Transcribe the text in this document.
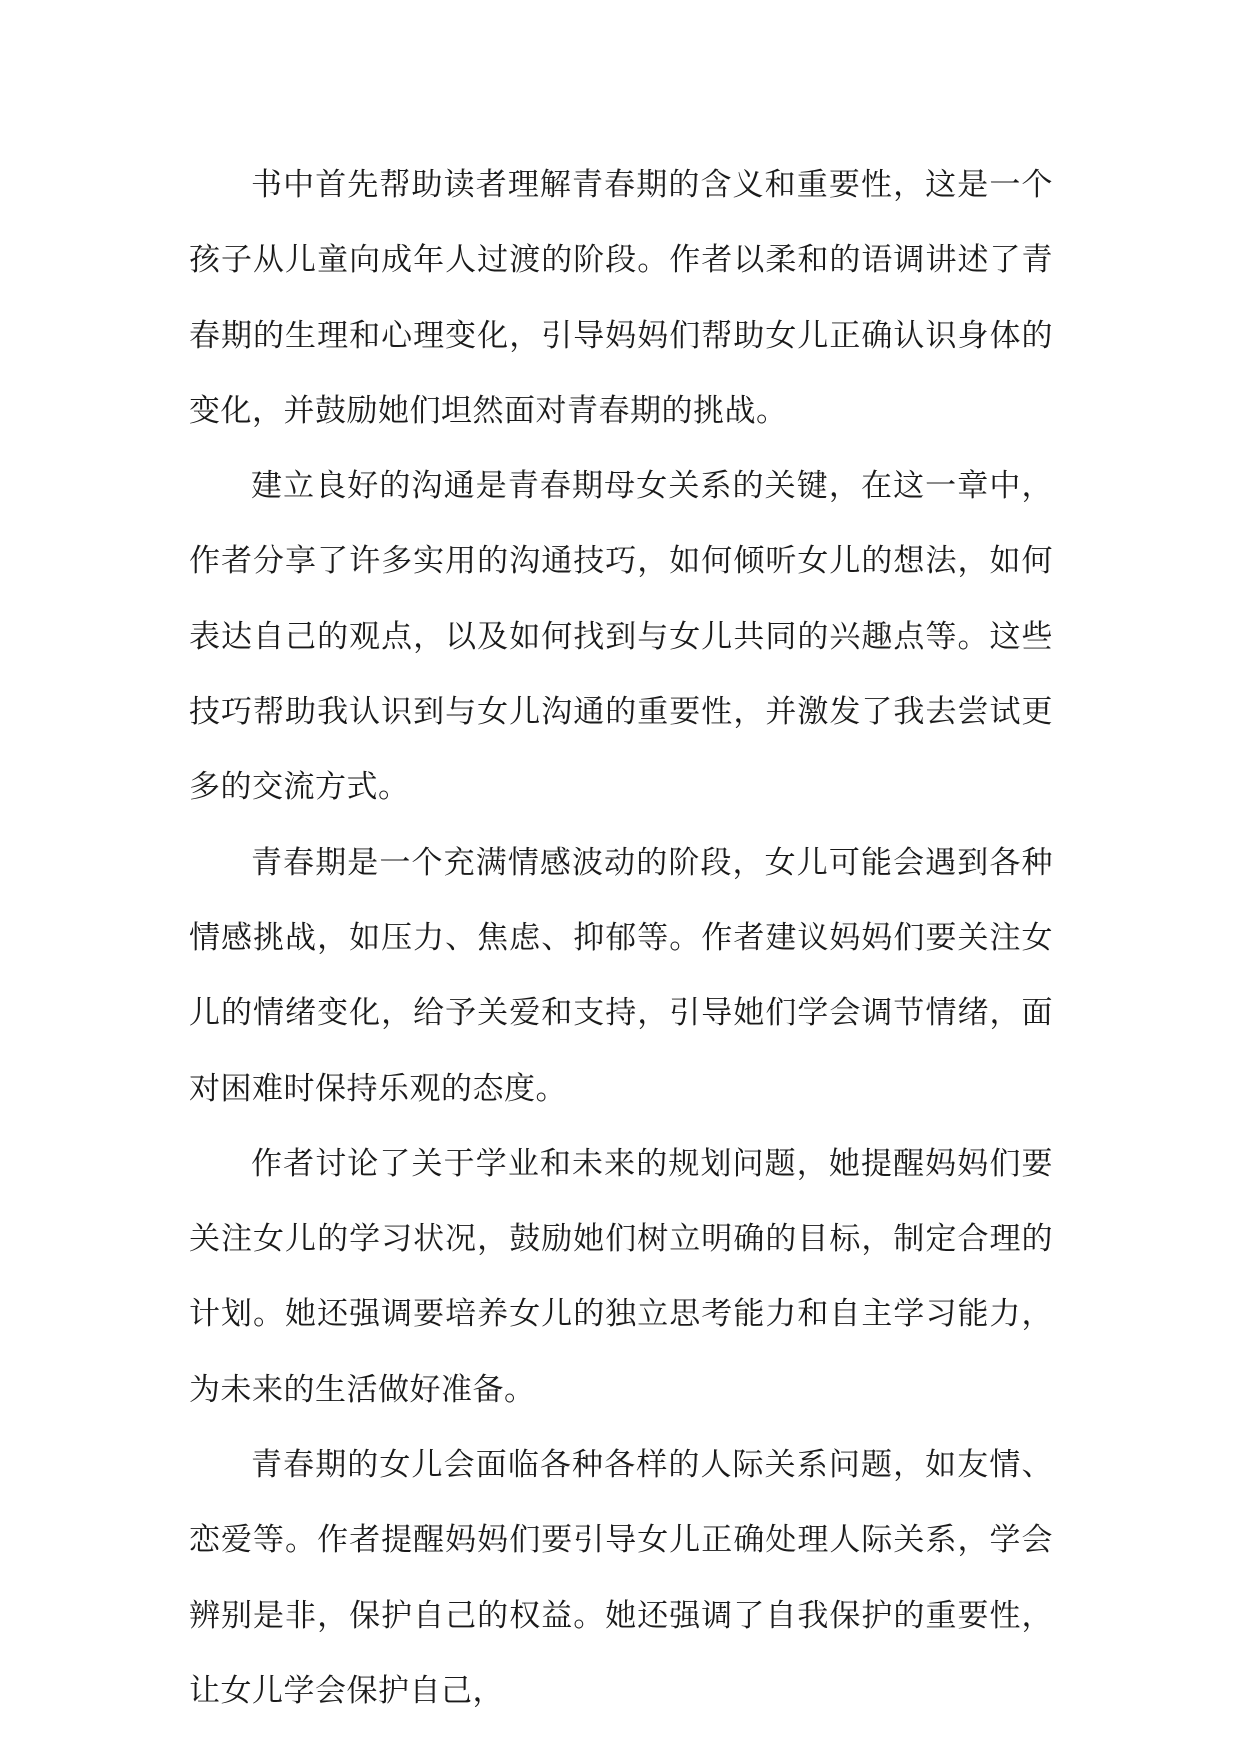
书中首先帮助读者理解青春期的含义和重要性，这是一个孩子从儿童向成年人过渡的阶段。作者以柔和的语调讲述了青春期的生理和心理变化，引导妈妈们帮助女儿正确认识身体的变化，并鼓励她们坦然面对青春期的挑战。

建立良好的沟通是青春期母女关系的关键，在这一章中，作者分享了许多实用的沟通技巧，如何倾听女儿的想法，如何表达自己的观点，以及如何找到与女儿共同的兴趣点等。这些技巧帮助我认识到与女儿沟通的重要性，并激发了我去尝试更多的交流方式。

青春期是一个充满情感波动的阶段，女儿可能会遇到各种情感挑战，如压力、焦虑、抑郁等。作者建议妈妈们要关注女儿的情绪变化，给予关爱和支持，引导她们学会调节情绪，面对困难时保持乐观的态度。

作者讨论了关于学业和未来的规划问题，她提醒妈妈们要关注女儿的学习状况，鼓励她们树立明确的目标，制定合理的计划。她还强调要培养女儿的独立思考能力和自主学习能力，为未来的生活做好准备。

青春期的女儿会面临各种各样的人际关系问题，如友情、恋爱等。作者提醒妈妈们要引导女儿正确处理人际关系，学会辨别是非，保护自己的权益。她还强调了自我保护的重要性，让女儿学会保护自己，
